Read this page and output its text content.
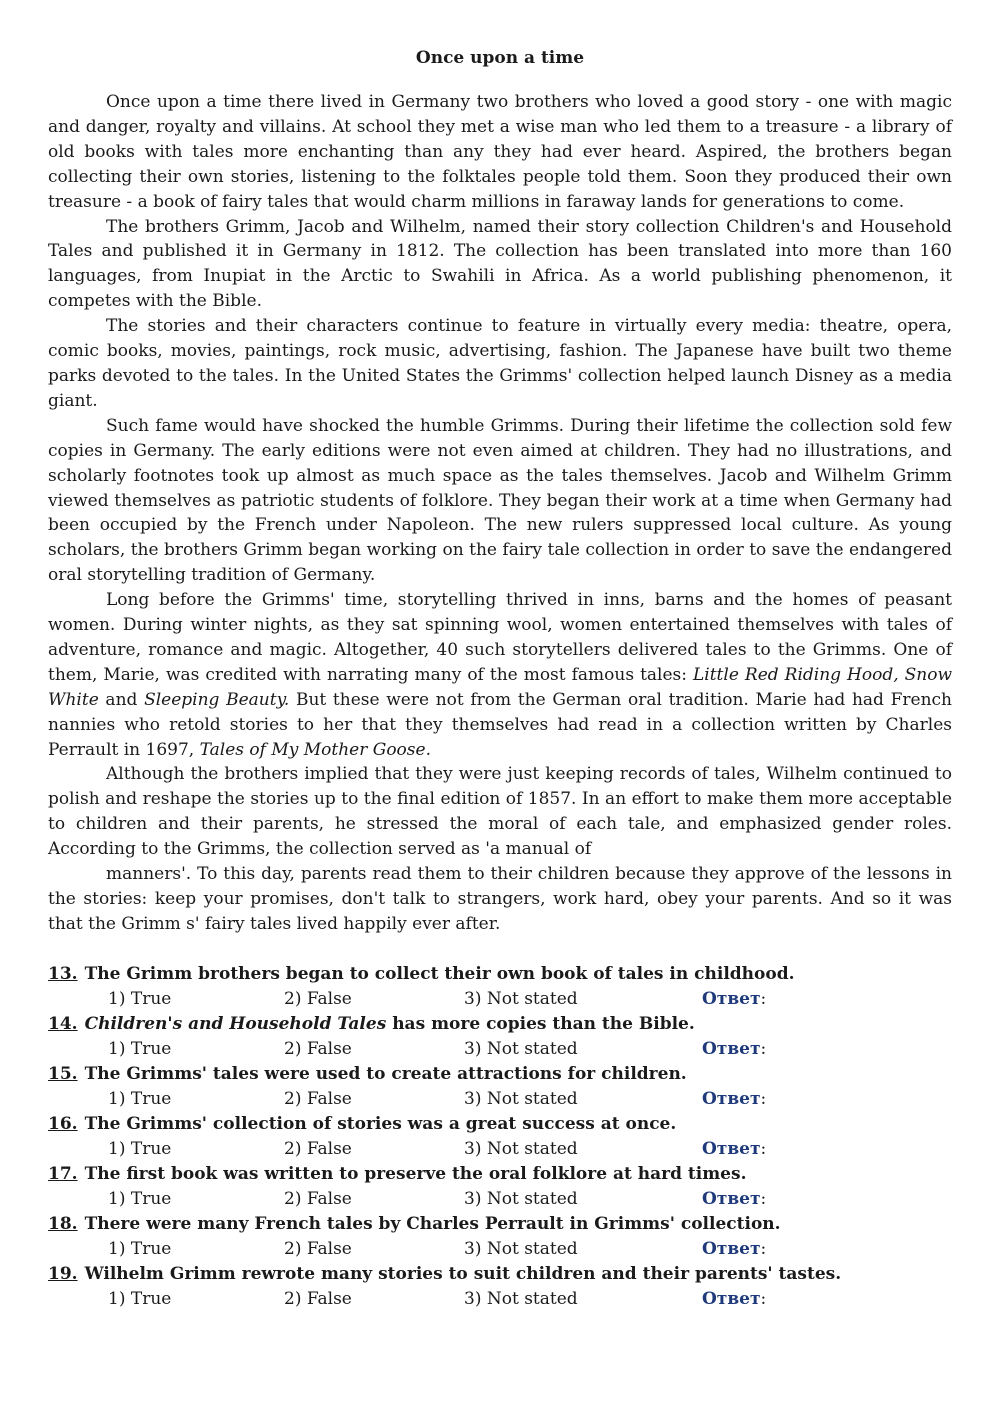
Once upon a time

Once upon a time there lived in Germany two brothers who loved a good story - one with magic and danger, royalty and villains. At school they met a wise man who led them to a treasure - a library of old books with tales more enchanting than any they had ever heard. Aspired, the brothers began collecting their own stories, listening to the folktales people told them. Soon they produced their own treasure - a book of fairy tales that would charm millions in faraway lands for generations to come.

The brothers Grimm, Jacob and Wilhelm, named their story collection Children's and Household Tales and published it in Germany in 1812. The collection has been translated into more than 160 languages, from Inupiat in the Arctic to Swahili in Africa. As a world publishing phenomenon, it competes with the Bible.

The stories and their characters continue to feature in virtually every media: theatre, opera, comic books, movies, paintings, rock music, advertising, fashion. The Japanese have built two theme parks devoted to the tales. In the United States the Grimms' collection helped launch Disney as a media giant.

Such fame would have shocked the humble Grimms. During their lifetime the collection sold few copies in Germany. The early editions were not even aimed at children. They had no illustrations, and scholarly footnotes took up almost as much space as the tales themselves. Jacob and Wilhelm Grimm viewed themselves as patriotic students of folklore. They began their work at a time when Germany had been occupied by the French under Napoleon. The new rulers suppressed local culture. As young scholars, the brothers Grimm began working on the fairy tale collection in order to save the endangered oral storytelling tradition of Germany.

Long before the Grimms' time, storytelling thrived in inns, barns and the homes of peasant women. During winter nights, as they sat spinning wool, women entertained themselves with tales of adventure, romance and magic. Altogether, 40 such storytellers delivered tales to the Grimms. One of them, Marie, was credited with narrating many of the most famous tales: Little Red Riding Hood, Snow White and Sleeping Beauty. But these were not from the German oral tradition. Marie had had French nannies who retold stories to her that they themselves had read in a collection written by Charles Perrault in 1697, Tales of My Mother Goose.

Although the brothers implied that they were just keeping records of tales, Wilhelm continued to polish and reshape the stories up to the final edition of 1857. In an effort to make them more acceptable to children and their parents, he stressed the moral of each tale, and emphasized gender roles. According to the Grimms, the collection served as 'a manual of

manners'. To this day, parents read them to their children because they approve of the lessons in the stories: keep your promises, don't talk to strangers, work hard, obey your parents. And so it was that the Grimm s' fairy tales lived happily ever after.

13. The Grimm brothers began to collect their own book of tales in childhood.
1) True	2) False	3) Not stated	Ответ:
14. Children's and Household Tales has more copies than the Bible.
1) True	2) False	3) Not stated	Ответ:
15. The Grimms' tales were used to create attractions for children.
1) True	2) False	3) Not stated	Ответ:
16. The Grimms' collection of stories was a great success at once.
1) True	2) False	3) Not stated	Ответ:
17. The first book was written to preserve the oral folklore at hard times.
1) True	2) False	3) Not stated	Ответ:
18. There were many French tales by Charles Perrault in Grimms' collection.
1) True	2) False	3) Not stated	Ответ:
19. Wilhelm Grimm rewrote many stories to suit children and their parents' tastes.
1) True	2) False	3) Not stated	Ответ:
